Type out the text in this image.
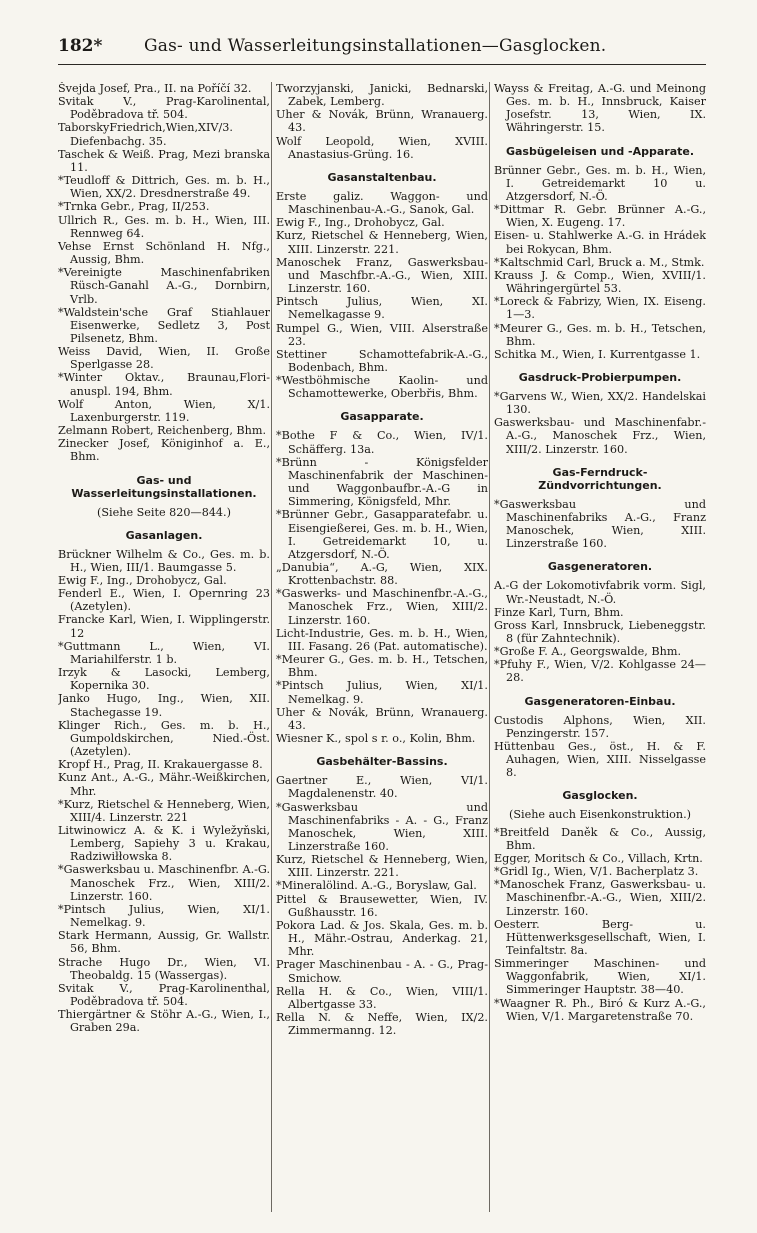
182* Gas- und Wasserleitungsinstallationen—Gasglocken.
Švejda Josef, Pra., II. na Poříčí 32.
Svitak V., Prag-Karolinental, Poděbradova tř. 504.
TaborskyFriedrich,Wien,XIV/3. Diefenbachg. 35.
Taschek & Weiß. Prag, Mezi branska 11.
*Teudloff & Dittrich, Ges. m. b. H., Wien, XX/2. Dresdnerstraße 49.
*Trnka Gebr., Prag, II/253.
Ullrich R., Ges. m. b. H., Wien, III. Rennweg 64.
Vehse Ernst Schönland H. Nfg., Aussig, Bhm.
*Vereinigte Maschinenfabriken Rüsch-Ganahl A.-G., Dornbirn, Vrlb.
*Waldstein'sche Graf Stiahlauer Eisenwerke, Sedletz 3, Post Pilsenetz, Bhm.
Weiss David, Wien, II. Große Sperlgasse 28.
*Winter Oktav., Braunau,Flori-anuspl. 194, Bhm.
Wolf Anton, Wien, X/1. Laxenburgerstr. 119.
Zelmann Robert, Reichenberg, Bhm.
Zinecker Josef, Königinhof a. E., Bhm.
Gas- und Wasserleitungsinstallationen.
(Siehe Seite 820—844.)
Gasanlagen.
Brückner Wilhelm & Co., Ges. m. b. H., Wien, III/1. Baumgasse 5.
Ewig F., Ing., Drohobycz, Gal.
Fenderl E., Wien, I. Opernring 23 (Azetylen).
Francke Karl, Wien, I. Wipplingerstr. 12
*Guttmann L., Wien, VI. Mariahilferstr. 1 b.
Irzyk & Lasocki, Lemberg, Kopernika 30.
Janko Hugo, Ing., Wien, XII. Stachegasse 19.
Klinger Rich., Ges. m. b. H., Gumpoldskirchen, Nied.-Öst. (Azetylen).
Kropf H., Prag, II. Krakauergasse 8.
Kunz Ant., A.-G., Mähr.-Weißkirchen, Mhr.
*Kurz, Rietschel & Henneberg, Wien, XIII/4. Linzerstr. 221
Litwinowicz A. & K. i Wyležyňski, Lemberg, Sapiehy 3 u. Krakau, Radziwiłłowska 8.
*Gaswerksbau u. Maschinenfbr. A.-G. Manoschek Frz., Wien, XIII/2. Linzerstr. 160.
*Pintsch Julius, Wien, XI/1. Nemelkag. 9.
Stark Hermann, Aussig, Gr. Wallstr. 56, Bhm.
Strache Hugo Dr., Wien, VI. Theobaldg. 15 (Wassergas).
Svitak V., Prag-Karolinenthal, Poděbradova tř. 504.
Thiergärtner & Stöhr A.-G., Wien, I., Graben 29a.
Tworzyjanski, Janicki, Bednarski, Zabek, Lemberg.
Uher & Novák, Brünn, Wranauerg. 43.
Wolf Leopold, Wien, XVIII. Anastasius-Grüng. 16.
Gasanstaltenbau.
Erste galiz. Waggon- und Maschinenbau-A.-G., Sanok, Gal.
Ewig F., Ing., Drohobycz, Gal.
Kurz, Rietschel & Henneberg, Wien, XIII. Linzerstr. 221.
Manoschek Franz, Gaswerksbau- und Maschfbr.-A.-G., Wien, XIII. Linzerstr. 160.
Pintsch Julius, Wien, XI. Nemelkagasse 9.
Rumpel G., Wien, VIII. Alserstraße 23.
Stettiner Schamottefabrik-A.-G., Bodenbach, Bhm.
*Westböhmische Kaolin- und Schamottewerke, Oberbřis, Bhm.
Gasapparate.
*Bothe F & Co., Wien, IV/1. Schäfferg. 13a.
*Brünn - Königsfelder Maschinenfabrik der Maschinen- und Waggonbaufbr.-A.-G in Simmering, Königsfeld, Mhr.
*Brünner Gebr., Gasapparatefabr. u. Eisengießerei, Ges. m. b. H., Wien, I. Getreidemarkt 10, u. Atzgersdorf, N.-Ö.
„Danubia“, A.-G, Wien, XIX. Krottenbachstr. 88.
*Gaswerks- und Maschinenfbr.-A.-G., Manoschek Frz., Wien, XIII/2. Linzerstr. 160.
Licht-Industrie, Ges. m. b. H., Wien, III. Fasang. 26 (Pat. automatische).
*Meurer G., Ges. m. b. H., Tetschen, Bhm.
*Pintsch Julius, Wien, XI/1. Nemelkag. 9.
Uher & Novák, Brünn, Wranauerg. 43.
Wiesner K., spol s r. o., Kolin, Bhm.
Gasbehälter-Bassins.
Gaertner E., Wien, VI/1. Magdalenenstr. 40.
*Gaswerksbau und Maschinenfabriks - A. - G., Franz Manoschek, Wien, XIII. Linzerstraße 160.
Kurz, Rietschel & Henneberg, Wien, XIII. Linzerstr. 221.
*Mineralölind. A.-G., Boryslaw, Gal.
Pittel & Brausewetter, Wien, IV. Gußhausstr. 16.
Pokora Lad. & Jos. Skala, Ges. m. b. H., Mähr.-Ostrau, Anderkag. 21, Mhr.
Prager Maschinenbau - A. - G., Prag-Smichow.
Rella H. & Co., Wien, VIII/1. Albertgasse 33.
Rella N. & Neffe, Wien, IX/2. Zimmermanng. 12.
Wayss & Freitag, A.-G. und Meinong Ges. m. b. H., Innsbruck, Kaiser Josefstr. 13, Wien, IX. Währingerstr. 15.
Gasbügeleisen und -Apparate.
Brünner Gebr., Ges. m. b. H., Wien, I. Getreidemarkt 10 u. Atzgersdorf, N.-Ö.
*Dittmar R. Gebr. Brünner A.-G., Wien, X. Eugeng. 17.
Eisen- u. Stahlwerke A.-G. in Hrádek bei Rokycan, Bhm.
*Kaltschmid Carl, Bruck a. M., Stmk.
Krauss J. & Comp., Wien, XVIII/1. Währingergürtel 53.
*Loreck & Fabrizy, Wien, IX. Eiseng. 1—3.
*Meurer G., Ges. m. b. H., Tetschen, Bhm.
Schitka M., Wien, I. Kurrentgasse 1.
Gasdruck-Probierpumpen.
*Garvens W., Wien, XX/2. Handelskai 130.
Gaswerksbau- und Maschinenfabr.-A.-G., Manoschek Frz., Wien, XIII/2. Linzerstr. 160.
Gas-Ferndruck-Zündvorrichtungen.
*Gaswerksbau und Maschinenfabriks A.-G., Franz Manoschek, Wien, XIII. Linzerstraße 160.
Gasgeneratoren.
A.-G der Lokomotivfabrik vorm. Sigl, Wr.-Neustadt, N.-Ö.
Finze Karl, Turn, Bhm.
Gross Karl, Innsbruck, Liebeneggstr. 8 (für Zahntechnik).
*Große F. A., Georgswalde, Bhm.
*Pfuhy F., Wien, V/2. Kohlgasse 24—28.
Gasgeneratoren-Einbau.
Custodis Alphons, Wien, XII. Penzingerstr. 157.
Hüttenbau Ges., öst., H. & F. Auhagen, Wien, XIII. Nisselgasse 8.
Gasglocken.
(Siehe auch Eisenkonstruktion.)
*Breitfeld Daněk & Co., Aussig, Bhm.
Egger, Moritsch & Co., Villach, Krtn.
*Gridl Ig., Wien, V/1. Bacherplatz 3.
*Manoschek Franz, Gaswerksbau- u. Maschinenfbr.-A.-G., Wien, XIII/2. Linzerstr. 160.
Oesterr. Berg- u. Hüttenwerksgesellschaft, Wien, I. Teinfaltstr. 8a.
Simmeringer Maschinen- und Waggonfabrik, Wien, XI/1. Simmeringer Hauptstr. 38—40.
*Waagner R. Ph., Biró & Kurz A.-G., Wien, V/1. Margaretenstraße 70.
